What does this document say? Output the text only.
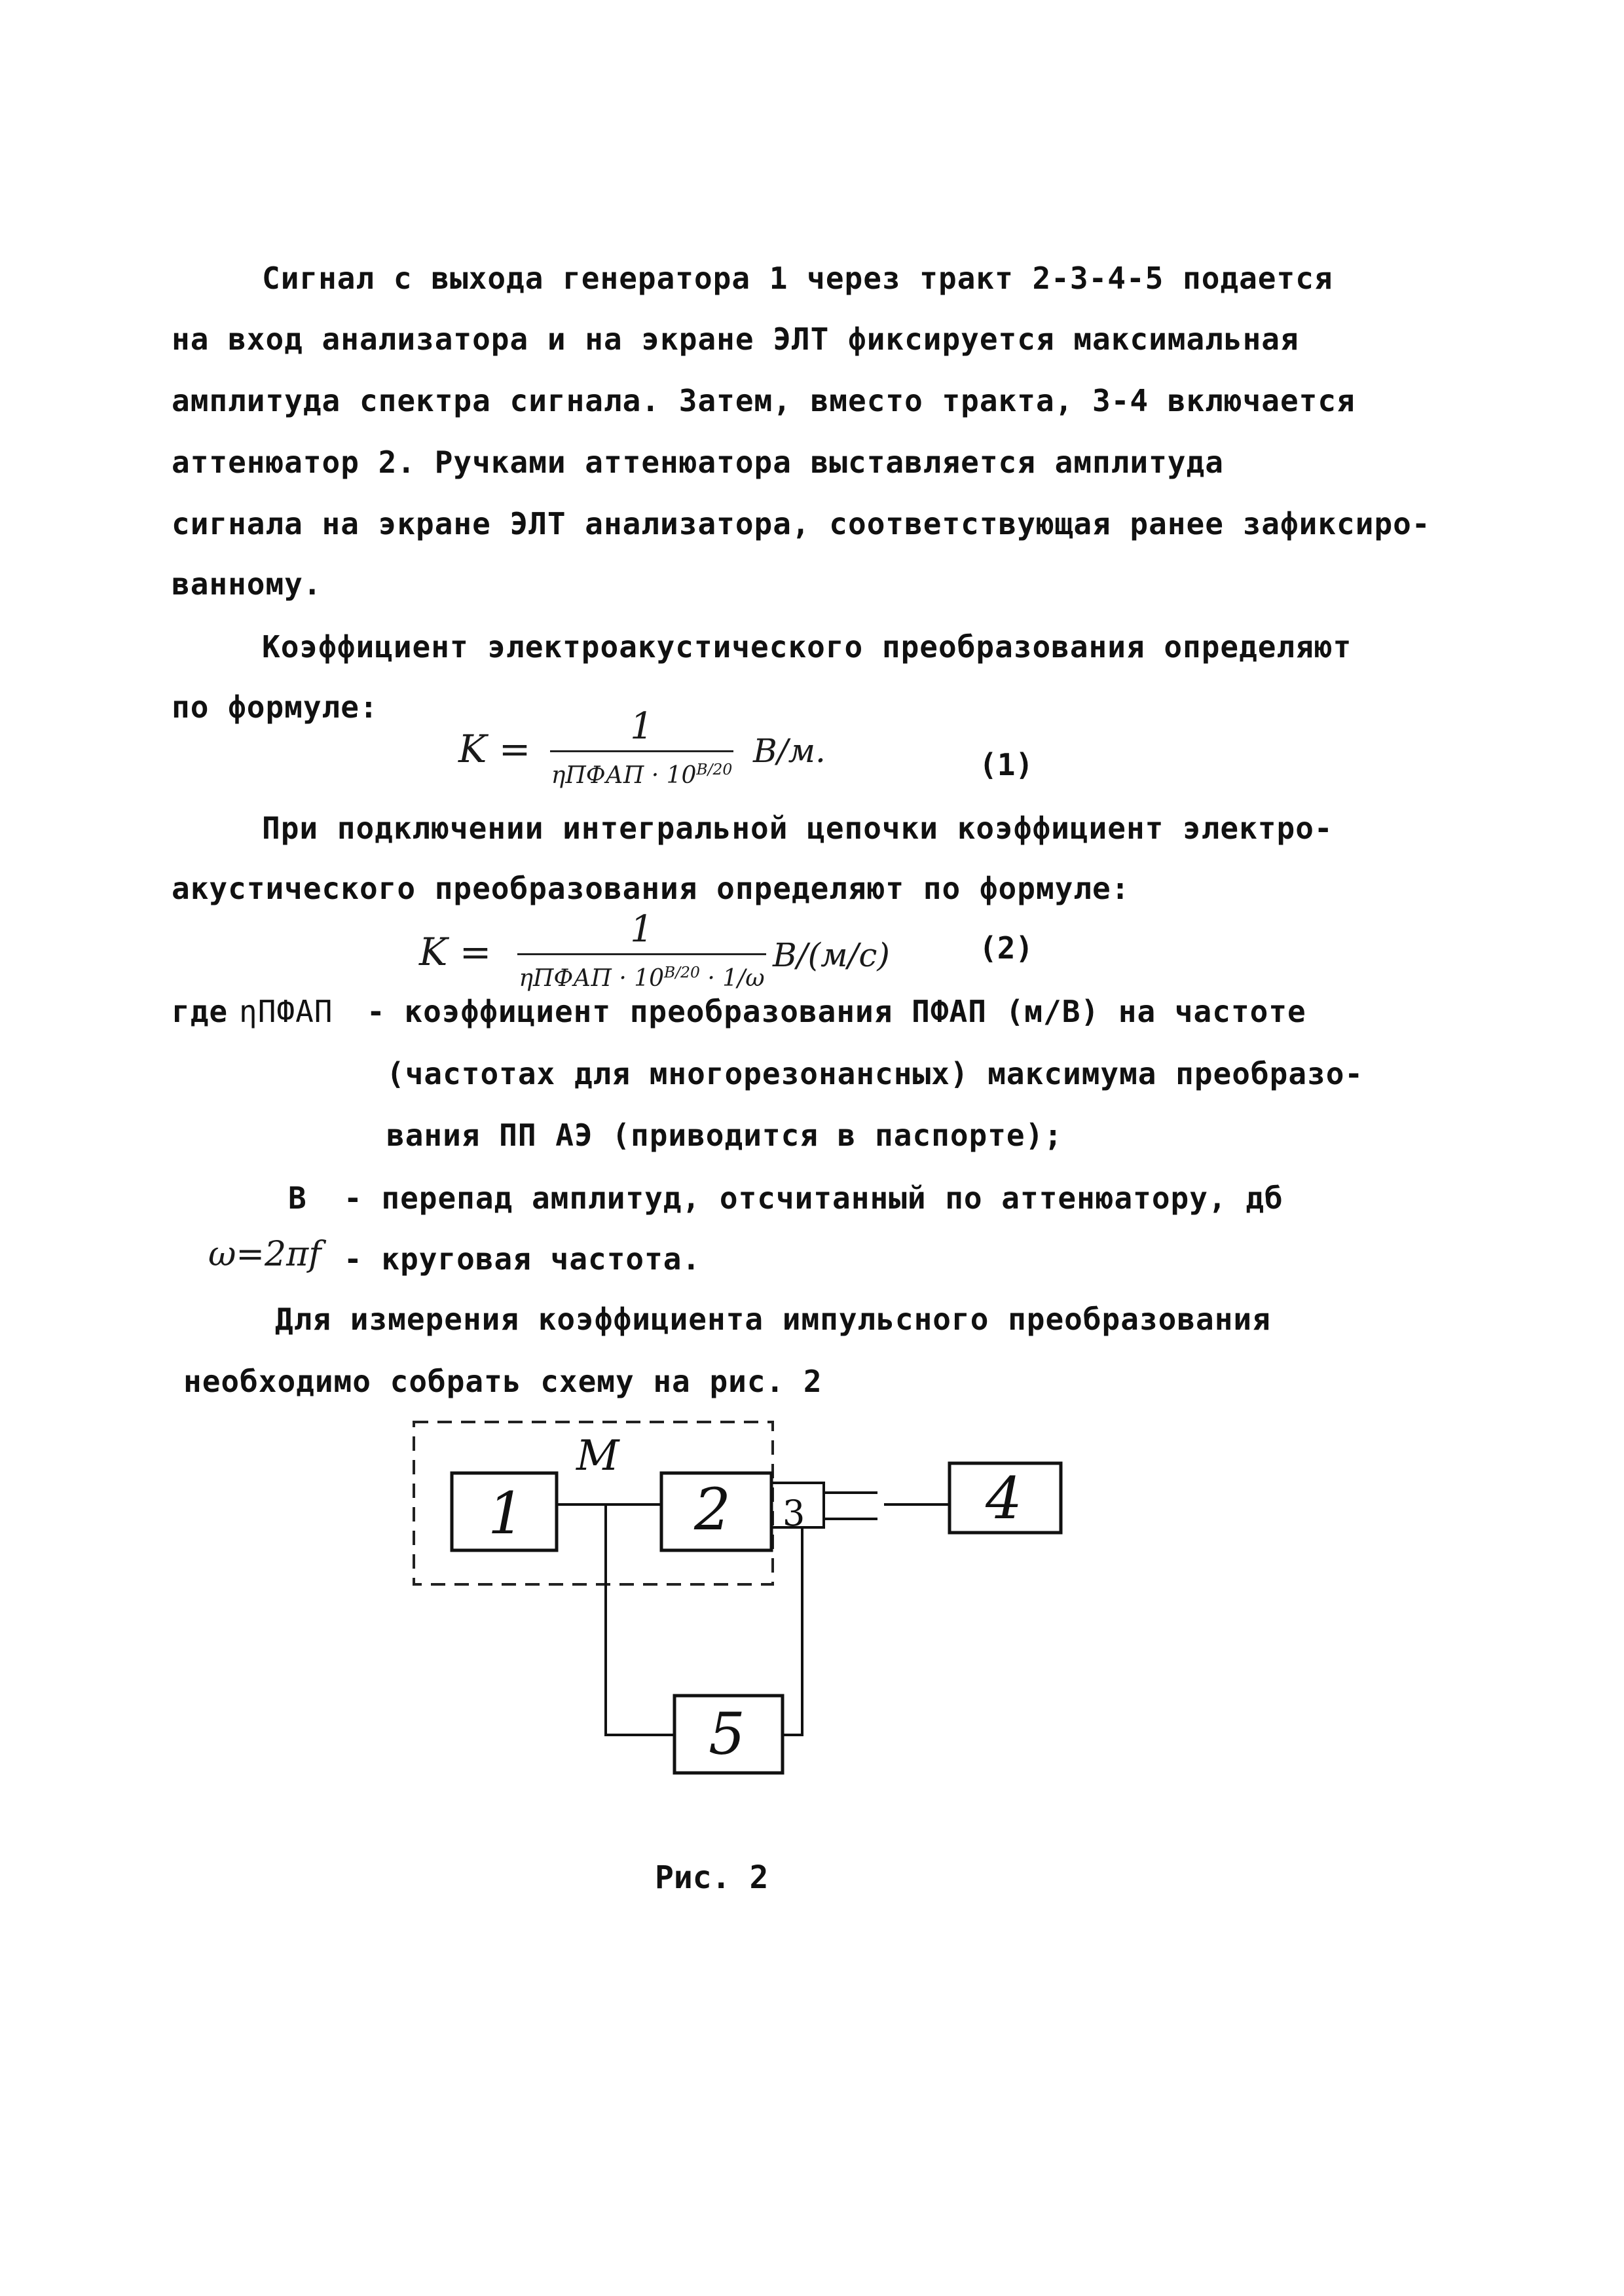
Сигнал с выхода генератора 1 через тракт 2-3-4-5 подается
на вход анализатора и на экране ЭЛТ фиксируется максимальная
амплитуда спектра сигнала. Затем, вместо тракта, 3-4 включается
аттенюатор 2. Ручками аттенюатора выставляется амплитуда
сигнала на экране ЭЛТ анализатора, соответствующая ранее зафиксиро-
ванному.
Коэффициент электроакустического преобразования определяют
по формуле:
K =
1
ηПФАП · $10^{B/20}$ В/м.	(1)
При подключении интегральной цепочки коэффициент электро-
акустического преобразования определяют по формуле:
K =
1
ηПФАП · $10^{B/20} \cdot 1/\omega$
В/(м/с)	(2)
где ηПФАП - коэффициент преобразования ПФАП (м/В) на частоте
(частотах для многорезонансных) максимума преобразо-
вания ПП АЭ (приводится в паспорте);
B - перепад амплитуд, отсчитанный по аттенюатору, дб
ω=2πf - круговая частота.
Для измерения коэффициента импульсного преобразования
необходимо собрать схему на рис. 2
М
1	2 3	4
5
Рис. 2
